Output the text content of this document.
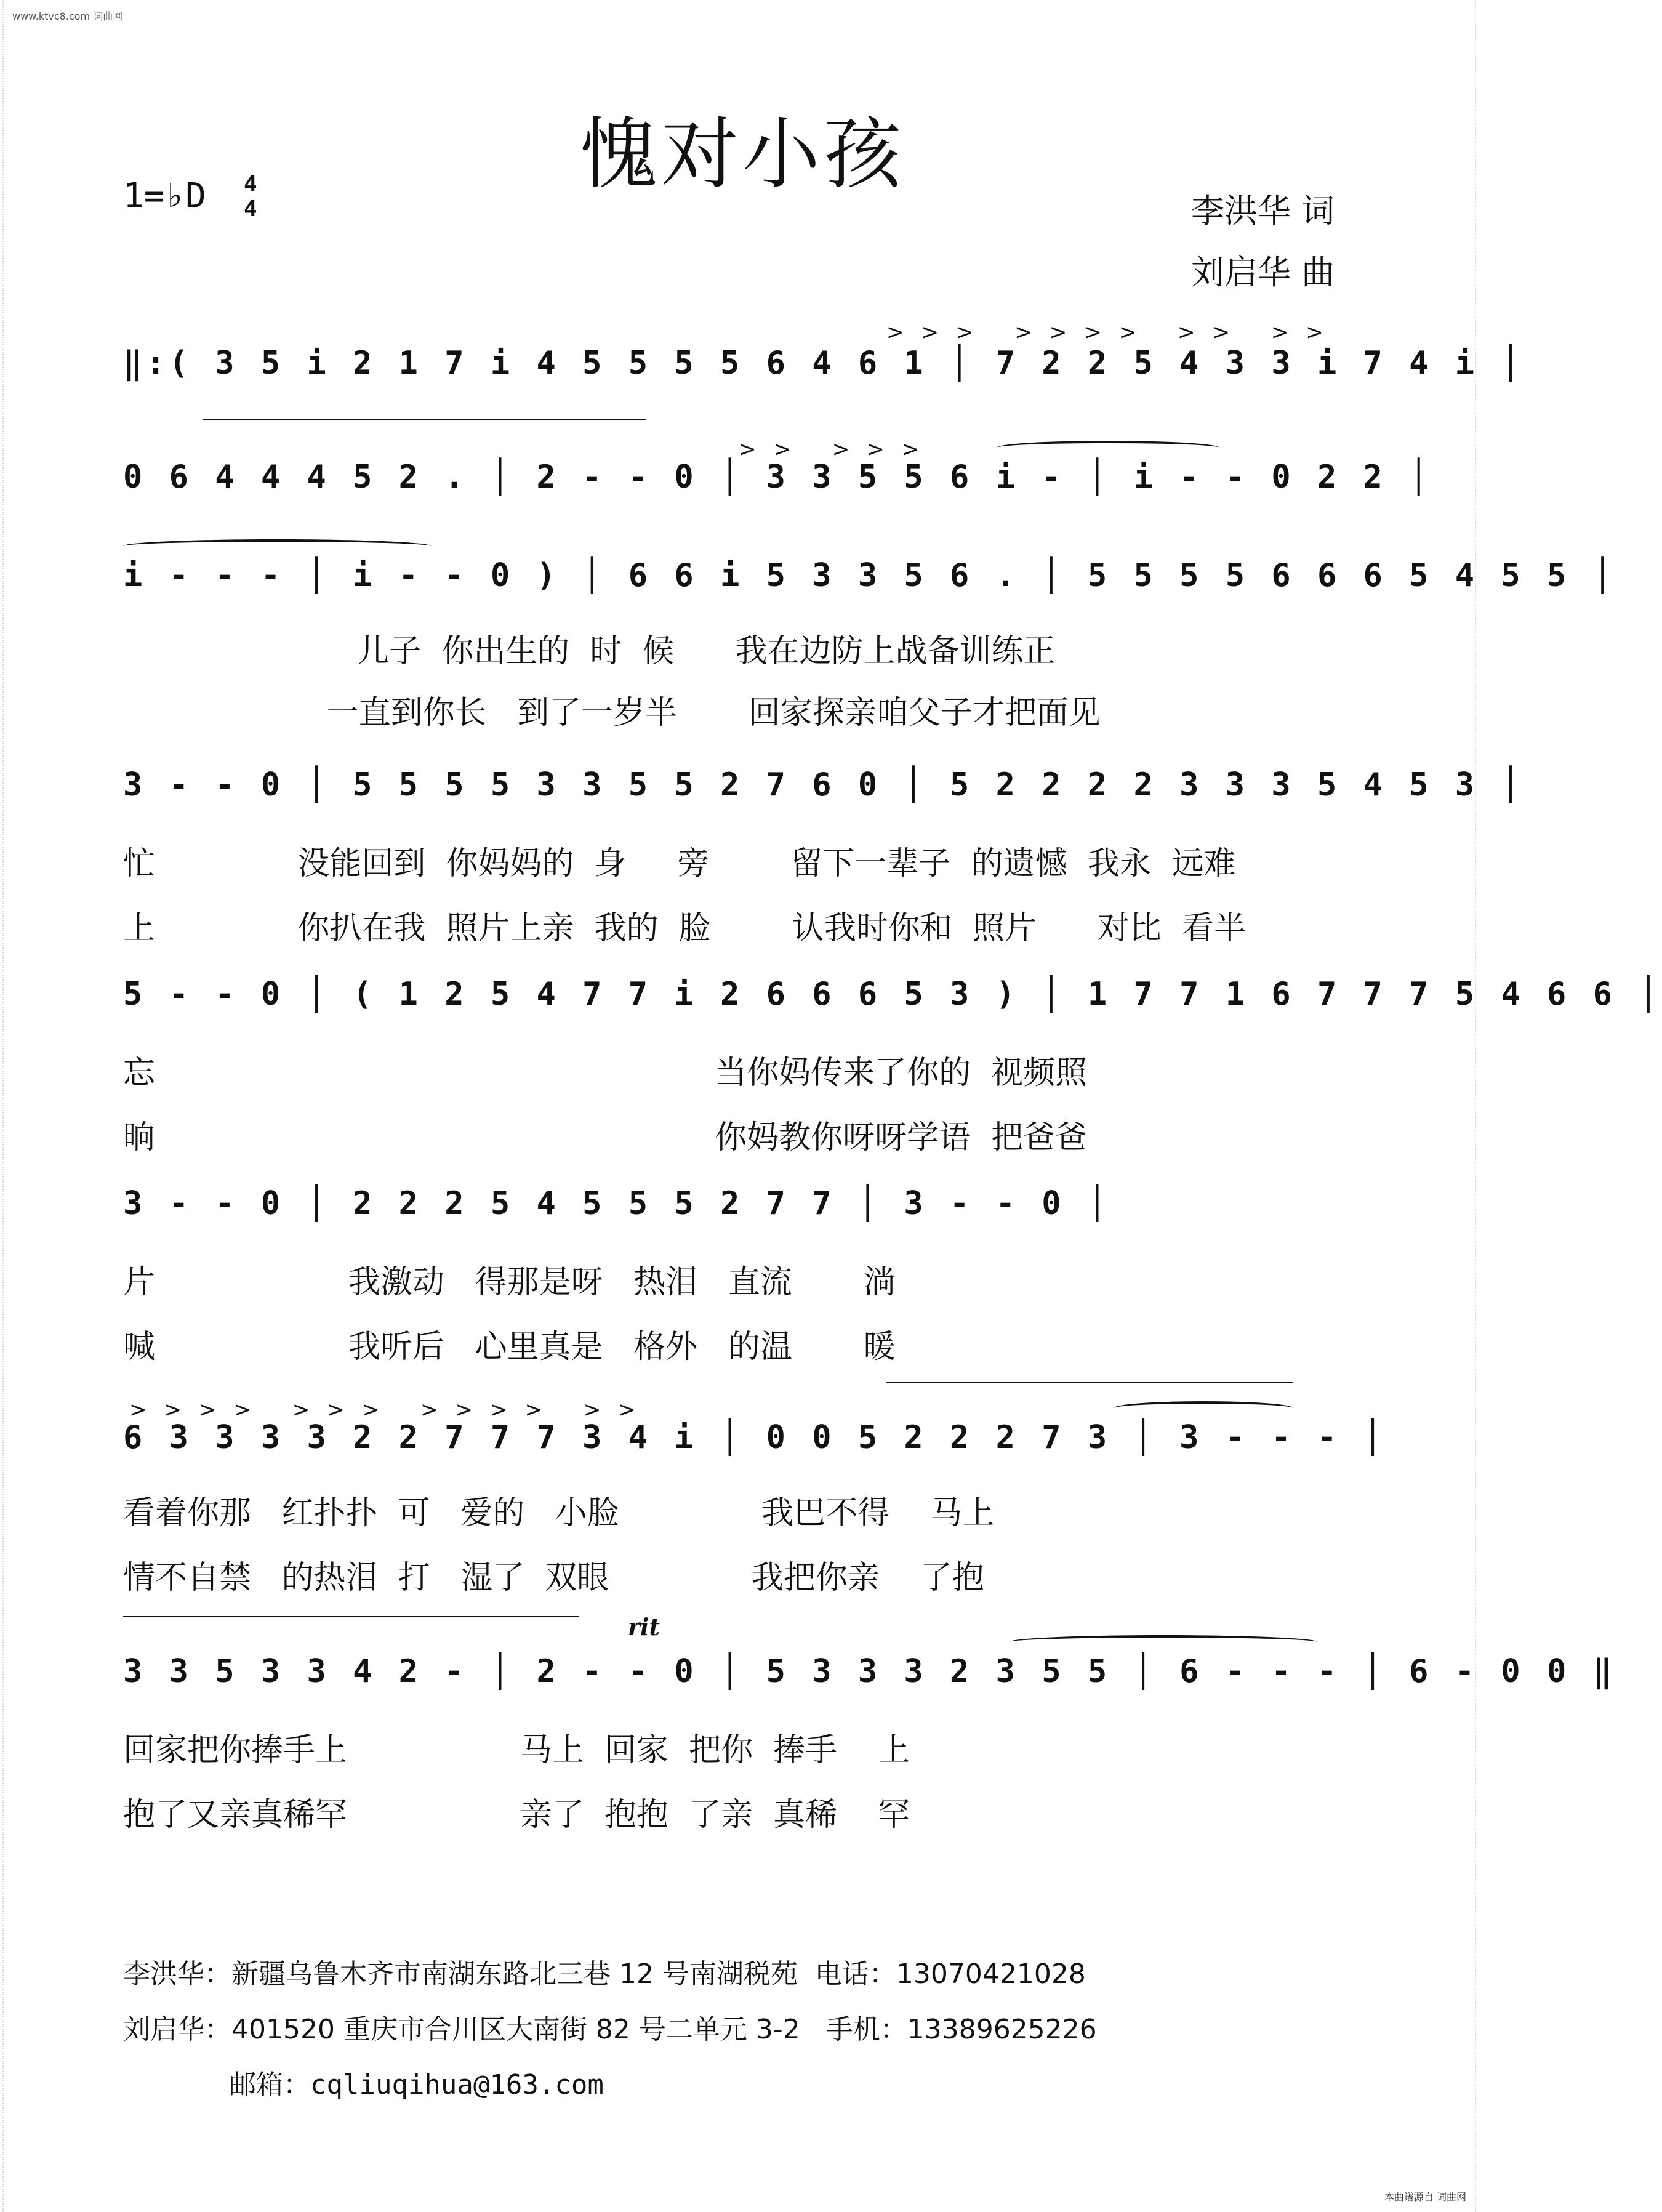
www.ktvc8.com 词曲网
愧对小孩
1=♭D 4
4	李洪华 词
刘启华 曲
>>> >>>> >> >>
‖:( 3 5 i 2 1 7 i 4 5 5 5 5 6 4 6 1 │ 7 2 2 5 4 3 3 i 7 4 i │
>> >>>
0 6 4 4 4 5 2 . │ 2 - - 0 │ 3 3 5 5 6 i - │ i - - 0 2 2 │
i - - - │ i - - 0 ) │ 6 6 i 5 3 3 5 6 . │ 5 5 5 5 6 6 6 5 4 5 5 │
儿子  你出生的  时  候      我在边防上战备训练正
一直到你长   到了一岁半       回家探亲咱父子才把面见
3 - - 0 │ 5 5 5 5 3 3 5 5 2 7 6 0 │ 5 2 2 2 2 3 3 3 5 4 5 3 │
忙              没能回到  你妈妈的  身     旁        留下一辈子  的遗憾  我永  远难
上              你扒在我  照片上亲  我的  脸        认我时你和  照片      对比  看半
5 - - 0 │ ( 1 2 5 4 7 7 i 2 6 6 6 5 3 ) │ 1 7 7 1 6 7 7 7 5 4 6 6 │
忘                                                       当你妈传来了你的  视频照
晌                                                       你妈教你呀呀学语  把爸爸
3 - - 0 │ 2 2 2 5 4 5 5 5 2 7 7 │ 3 - - 0 │
片                   我激动   得那是呀   热泪   直流       淌
喊                   我听后   心里真是   格外   的温       暖
>>>> >>> >>>> >>
6 3 3 3 3 2 2 7 7 7 3 4 i │ 0 0 5 2 2 2 7 3 │ 3 - - - │
看着你那   红扑扑  可   爱的   小脸              我巴不得    马上
情不自禁   的热泪  打   湿了  双眼              我把你亲    了抱
rit
3 3 5 3 3 4 2 - │ 2 - - 0 │ 5 3 3 3 2 3 5 5 │ 6 - - - │ 6 - 0 0 ‖
回家把你捧手上                 马上  回家  把你  捧手    上
抱了又亲真稀罕                 亲了  抱抱  了亲  真稀    罕
李洪华：新疆乌鲁木齐市南湖东路北三巷 12 号南湖税苑  电话：13070421028
刘启华：401520 重庆市合川区大南街 82 号二单元 3-2   手机：13389625226
邮箱：cqliuqihua@163.com
本曲谱源自 词曲网
